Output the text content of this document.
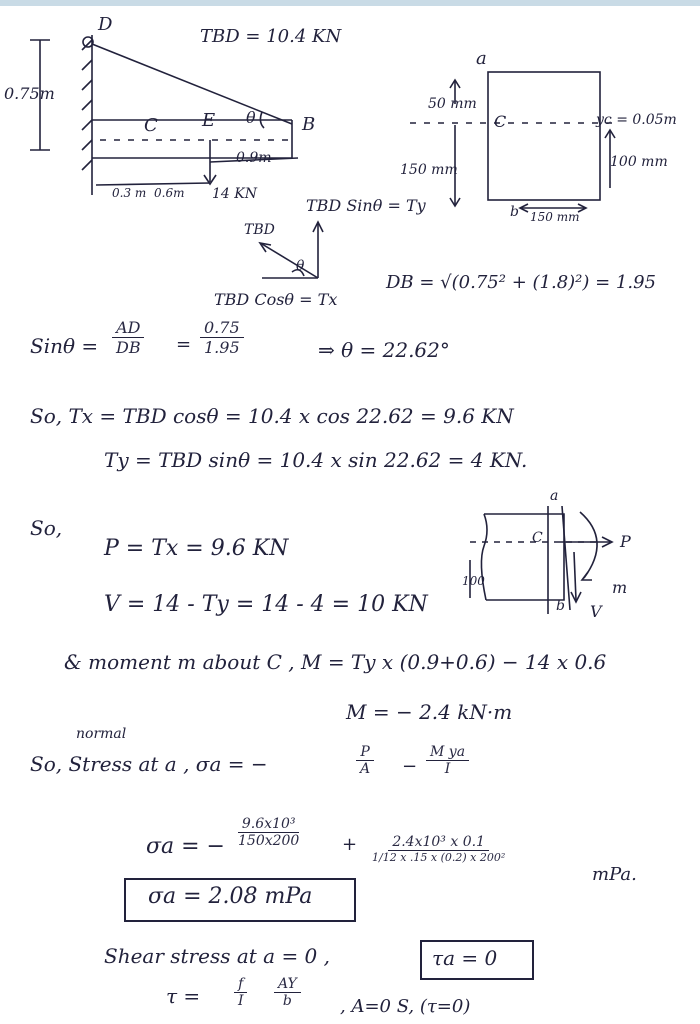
D
TBD = 10.4 KN
0.75m
C E θ	B
0.9m
0.3 m 0.6m 14 KN
TBD Sinθ = Ty
TBD
θ
TBD Cosθ = Tx
DB = √(0.75² + (1.8)²) = 1.95
a
50 mm
C	yc = 0.05m
150 mm	100 mm
b 150 mm
$Sin\theta = \frac{AD}{DB} = \frac{0.75}{1.95}$	⇒ θ = 22.62°
So, Tx = TBD cosθ = 10.4 x cos 22.62 = 9.6 KN
Ty = TBD sinθ = 10.4 x sin 22.62 = 4 KN.
So,
P = Tx = 9.6 KN
V = 14 - Ty = 14 - 4 = 10 KN
a
C	P
m
100
b V
& moment m about C , M = Ty x (0.9+0.6) − 14 x 0.6
M = − 2.4 kN·m
normal
So, Stress at a , σa = −	$\frac{P}{A} - \frac{\text{M ya}}{I}$
σa = − $\frac{\text{9.6x10³}}{150x200}$ +	2.4x10³ x 0.1
1/12 x .15 x (0.2) x 200²
mPa.
σa = 2.08 mPa
Shear stress at a = 0 ,	τa = 0
$\tau = \frac{f}{I} \frac{AY}{b}$ , A=0 S, (τ=0)
